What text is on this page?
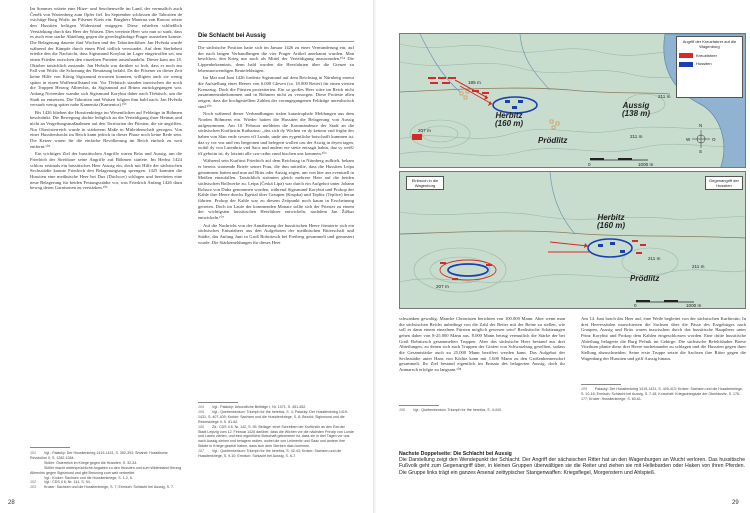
Im Sommer wütete eine Hitze- und Seuchenwelle im Land, der vermutlich auch Čeněk von Wartenberg zum Opfer fiel. Im September schlossen die Taboriten de vsichtige Burg Wožic im Pilsener Kreis ein. Burgherr Materna von Ronow setzte den Hussiten heftigen Widerstand entgegen. Diese erhielten schließlich Verstärkung durch das Heer der Waisen. Dies vereinte Heer war nun so stark, dass es auch eine starke Abteilung gegen die gerechtgläubige Prager ausstehen konnte. Die Belagerung dauerte fünf Wochen und der Taboritenführer Jan Hvězda wurde während der Kämpfe durch einen Pfeil tödlich verwundet. Auf dem Sterbebett erteilte den die Nachricht, dass Sigismund Korybut im Lager eingetroffen sei, um einen Frieden zwischen den einzelnen Parteien auszuhandeln. Dieser kam am 18. Oktober tatsächlich zustande. Jan Hvězda war darüber so froh, dass er noch am Fall von Wožic die Schonung der Besatzung befahl. Da die Pilsener zu dieser Zeit keine Hilfe von König Sigismund erwarten konnten, willigten auch sie wenig später in einen Waffenstillstand ein. Vor Třebitsch standen inzwischen die noch die Truppen Herzog Albrechts, da Sigismund auf Brünn zurückgegangen war. Anfang November wandte sich Sigismund Korybut daher nach Třebitsch, um die Stadt zu entsetzen. Die Taboriten und Waisen folgten ihm bald nach. Jan Hvězda verstarb wenig später nahe Kamenitz (Kamenica).¹⁰¹

Bis 1426 blieben die Hussitenkriege im Wesentlichen auf Feldzüge in Böhmen beschränkt. Die Bewegung dachte lediglich an die Verteidigung ihrer Heimat und nicht an Vergeltungsmaßnahmen auf den Territorien der Fürsten, die sie angriffen. Nur Oberösterreich wurde in stärkerem Maße in Mitleidenschaft gezogen. Von einer Hussitenfurcht im Reich kann jedoch in dieser Phase noch keine Rede sein. Die Ketzer waren für die einfache Bevölkerung im Reich einfach zu weit entfernt.¹⁰²

Ein wichtiges Ziel der hussitischen Angriffe waren Brüx und Aussig, um die Friedrich der Streitbare seine Angriffe auf Böhmen startete. Im Herbst 1424 schloss erstmals ein hussitisches Heer Aussig ein, doch mit Hilfe der sächsischen Sechsstädte konnte Friedrich den Belagerungsring sprengen. 1425 konnten die Hussiten eine meißnische Heer bei Dux (Duchcov) schlagen und bereiteten eine neue Belagerung für beiden Festungsstädte vor, was Friedrich Anfang 1426 dazu bewog deren Garnisonen zu verstärken.¹⁰³

101 Vgl.: Palacký: Der Hussitenkrieg 1419-1431, S. 392-393; Šmahel: Hussitische Revolution II, S. 1282-1284.
Stöller: Österreich im Kriege gegen die Hussiten, S. 32-34.
Stöller macht widersprüchliche Angaben zu den Hussiten und zum Widerstand Herzog Albrechts gegen Sigismund und gibt Breuning zum weit verbreitet.
Vgl.: Kroker: Sachsen und die Hussitenkriege, S. 1-2, 6.
102 Vgl.: CDS II 8, Nr. 141, S. 94.
103 Kroker: Sachsen und die Hussitenkriege, S. 7; Ermisch: Schlacht bei Aussig, S. 7.
Die Schlacht bei Aussig

Die sächsische Position hatte sich im Januar 1426 zu einer Verminderung ein, auf der nach langen Verhandlungen die vier Prager Artikel anerkannt wurden. Man beschloss, den Krieg nur noch als Mittel der Verteidigung anzuwenden.¹⁰⁴ Die Lippenbekenntnis, denn bald wurden die Heerfahrten über die Grenze zu lebensnotwendigen Beutefeldzügen.

Im Mai und Juni 1426 forderte Sigismund auf dem Reichstag in Nürnberg erneut die Aufstellung eines Heeres von 6.000 Gleven (ca. 18.000 Reiter) für einen vierten Kreuzzug. Doch die Fürsten protestierten. Ein so großes Heer wäre im Reich nicht zusammenzubekommen und in Böhmen nicht zu versorgen. Diese Proteste allen zeigen, dass die hochgestellten Zahlen der vorangegangenen Feldzüge unrealistisch sind.¹⁰⁵

Noch während dieser Verhandlungen trafen katastrophale Meldungen aus dem Norden Böhmens ein. Wieder hatten die Hussiten die Belagerung von Aussig aufgenommen. Am 10. Februar meldeten die Kommandeure der Stadt an die sächsischen Kurfürstin Katharina: „das sich dy Wichen vn dy kettern vnd frigbe der haben von Slan vnde czwen vff Lunde, unde uns eygentliche botschafft kummen ist, daz sy vor vns und vns bergeinen und belegern wollen czu der Aswig in dryen tagen, wobil dy von Lutenbriz vnd Sacz und andern ere stette entsagit habin, daz sy weiß/ tff gebotin ist, dy lotzinit alle czu-czihn vnnd bischen uns kommen.¹⁰⁶

Während sein Kurfürst Friedrich auf dem Reichstag in Nürnberg aufhielt, bekam er bereits warnende Briefe seiner Frau, die ihm mitteilte, dass die Hussiten Leipa genommen hatten und nun auf Brüx oder Aussig zögen, um von hier aus eventuell in Meißen einzufallen. Tatsächlich strömten gleich mehrere Heer auf die beiden sächsischen Bollwerke zu. Leipa (Česká Lípa) war durch ein Aufgebot unter Johann Rohacz von Duba genommen worden, während Sigismund Korybut und Prokop der Kahle ihre Heere durchs Egertal über Graupen (Krupka) und Teplitz (Teplice) heran führten. Prokop der Kahle war zu diesem Zeitpunkt noch kaum in Erscheinung getreten. Doch im Laufe der kommenden Monate sollte sich der Priester zu einem der wichtigsten hussitischen Heerführer entwickeln, nachdem Jan Žižkas entwickeln.¹⁰⁷

Auf die Nachricht von der Annäherung der hussitischen Heere förmierte sich ein sächsisches Entsatzheer aus den Aufgeboten der meißnischen Ritterschaft und Städte, das Anfang Juni in Groß Bobritzsch bei Freiberg gesammelt und gemustert wurde. Die Stärkemeldungen für dieses Heer

104 Vgl.: Palacký: Urkundliche Beiträge I, Nr. 1071, S. 451-452.
105 Vgl.: Quebenkenson: Triumph for the heretics, S. 4; Palacký: Der Hussitenkrieg 1419-1431, S. 407-409; Kroker: Sachsen und die Hussitenkriege, S. 8; Bezold: Sigismund und die Reichskriege II, S. 81-82.
106 Zit.: CDS II 8, Nr. 142, S. 95. Beilage: einet Schreiben der Kurfürstin an den Rat der Stadt Leipzig vom 12. Februar 1426 darüber, dass die Wichen vor die nächsten Prinzip von Lunde und Lauen ziehen, und eine eigentliche Botschaft gekommen ist, dass sie in drei Tagen vor uns nach Aussig ziehen und belagern wollen, wobei die von Leitmeritz und Saaz und andere ihre Städte in Kriege gesetzt haben, dass sich dem Sterben dazu kommen.
107 Vgl.: Quebenkenson: Triumph for the heretics, S. 42-43; Kroker: Sachsen und die Hussitenkriege, S. 9-10; Ermisch: Schlacht bei Aussig, S. 6-7.
28	29
Herbitz
(160 m)
Aussig
(138 m)
Prödlitz
185 m
211 m
207 m
211 m
N
W	O
S
0	1000 m
Angriff der Kreuzfahrer auf die Wagenburg
Kreuzfahrer
Hussiten
Herbitz
(160 m)
Prödlitz
207 m
211 m
211 m
0	1000 m
Einbruch in die Wagenburg
Gegenangriff der Hussiten

schwanken gewaltig. Manche Chronisten berichten von 100.000 Mann. Aber wenn man die sächsischen Reichs unbedingt von die Zahl der Reiter mit der Beine zu stellen, wie soll es dann einem einzelnen Fürsten möglich gewesen sein? Realistische Schätzungen gehen daher von 8-25.000 Mann aus. 8.000 Mann betrug vermutlich die Stärke der bei Groß Bobritzsch gesammelten Truppen. Aber das sächsische Heer bestand aus drei Abteilungen, zu denen sich auch Truppen der Grafen von Schwarzburg gesellten, sodass die Gesamtstärke auch zu 25.000 Mann beziffert werden kann. Das Aufgebot der Sechsstädte unter Hans von Köditz kann mit 1.600 Mann zu den Großenhennersdorf gesammelt. Ihr Ziel bestand eigentlich im Entsatz des belagerten Aussig, doch ihr Anmarsch erfolgte zu langsam.¹⁰⁸

108 Vgl.: Quebenkenson: Triumph for the heretics, S. 4-443.

Am 14. Juni brach das Heer auf, eine Weile begleitet von der sächsischen Kurfürstin. In drei Heeressäulen marschierten die Sachsen über die Pässe des Erzgebirges nach Graupen, Aussig und Brüx waren inzwischen durch das hussitische Hauptheer unter Prinz Korybut und Prokop dem Kahlen eingeschlossen worden. Eine dritte hussitische Abteilung belagerte die Burg Pečnik im Gebirge. Die sächsische Befehlshaber Boese Vitzthum plante diese drei Heere nacheinander zu schlagen und die Hussiten gegen ihrer Stellung abzuschneiden. Seine erste Truppe setzte die Sachsen ihre Ritter gegen die Wagenburg der Hussiten und griff Aussig hinaus.

109 Palacký: Der Hussitenkrieg 1419-1431, S. 409-413; Kroker: Sachsen und die Hussitenkriege, S. 10-16; Ermisch: Schlacht bei Aussig, S. 7-18; Korschelt: Kriegsdrangsale der Oberlausitz, S. 176-177; Kroker: Hussitenkriege, S. 60-61.
Nachste Doppelseite: Die Schlacht bei Aussig
Die Darstellung zeigt den Wendepunkt der Schlacht. Der Angriff der sächsischen Ritter hat an den Wagenburgen an Wucht verloren. Das hussitische Fußvolk geht zum Gegenangriff über, in kleinen Gruppen überwältigen sie die Reiter und ziehen sie mit Hellebarden oder Haken von ihren Pferden. Die Gruppe links trägt ein ganzes Arsenal zeittypischer Stangenwaffen: Kriegsflegel, Morgenstern und Ahlspieß.
